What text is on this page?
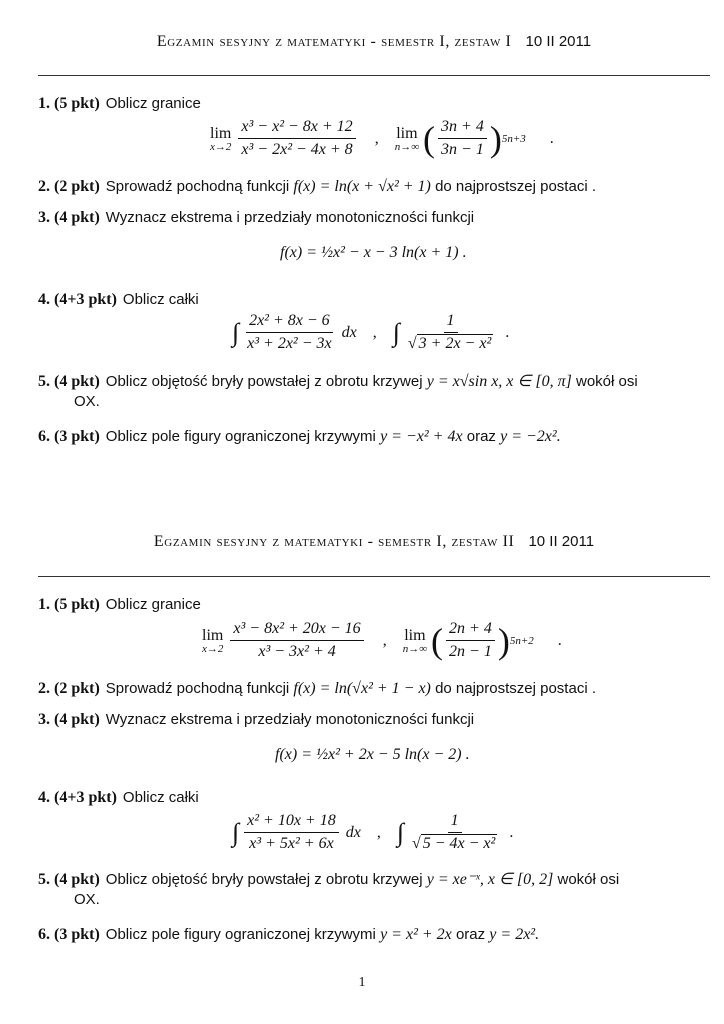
Egzamin sesyjny z matematyki - semestr I, zestaw I 10 II 2011
1. (5 pkt) Oblicz granice
lim
$x\to 2 \frac{\text{x³ − x² − 8x + 12}}{\text{x³ − 2x² − 4x + 8}}$ , lim
n→∞ ( $\frac{3n + 4}{3n - 1}$ ) 5n+3 .
2. (2 pkt) Sprowadź pochodną funkcji f(x) = ln(x + √x² + 1) do najprostszej postaci .
3. (4 pkt) Wyznacz ekstrema i przedziały monotoniczności funkcji
f(x) = ½x² − x − 3 ln(x + 1) .
4. (4+3 pkt) Oblicz całki
∫ $\frac{\text{2x² + 8x − 6}}{\text{x³ + 2x² − 3x}}$ dx , ∫ $\frac{1}{\text{√ 3 + 2x − x²}}$ .
5. (4 pkt) Oblicz objętość bryły powstałej z obrotu krzywej y = x√sin x, x ∈ [0, π] wokół osi
OX.
6. (3 pkt) Oblicz pole figury ograniczonej krzywymi y = −x² + 4x oraz y = −2x².
Egzamin sesyjny z matematyki - semestr I, zestaw II 10 II 2011
1. (5 pkt) Oblicz granice
lim
$x\to 2 \frac{\text{x³ − 8x² + 20x − 16}}{\text{x³ − 3x² + 4}}$ , lim
n→∞ ( $\frac{2n + 4}{2n - 1}$ ) 5n+2 .
2. (2 pkt) Sprowadź pochodną funkcji f(x) = ln(√x² + 1 − x) do najprostszej postaci .
3. (4 pkt) Wyznacz ekstrema i przedziały monotoniczności funkcji
f(x) = ½x² + 2x − 5 ln(x − 2) .
4. (4+3 pkt) Oblicz całki
∫ $\frac{\text{x² + 10x + 18}}{\text{x³ + 5x² + 6x}}$ dx , ∫ $\frac{1}{\text{√ 5 − 4x − x²}}$ .
5. (4 pkt) Oblicz objętość bryły powstałej z obrotu krzywej y = xe⁻ˣ, x ∈ [0, 2] wokół osi
OX.
6. (3 pkt) Oblicz pole figury ograniczonej krzywymi y = x² + 2x oraz y = 2x².
1
